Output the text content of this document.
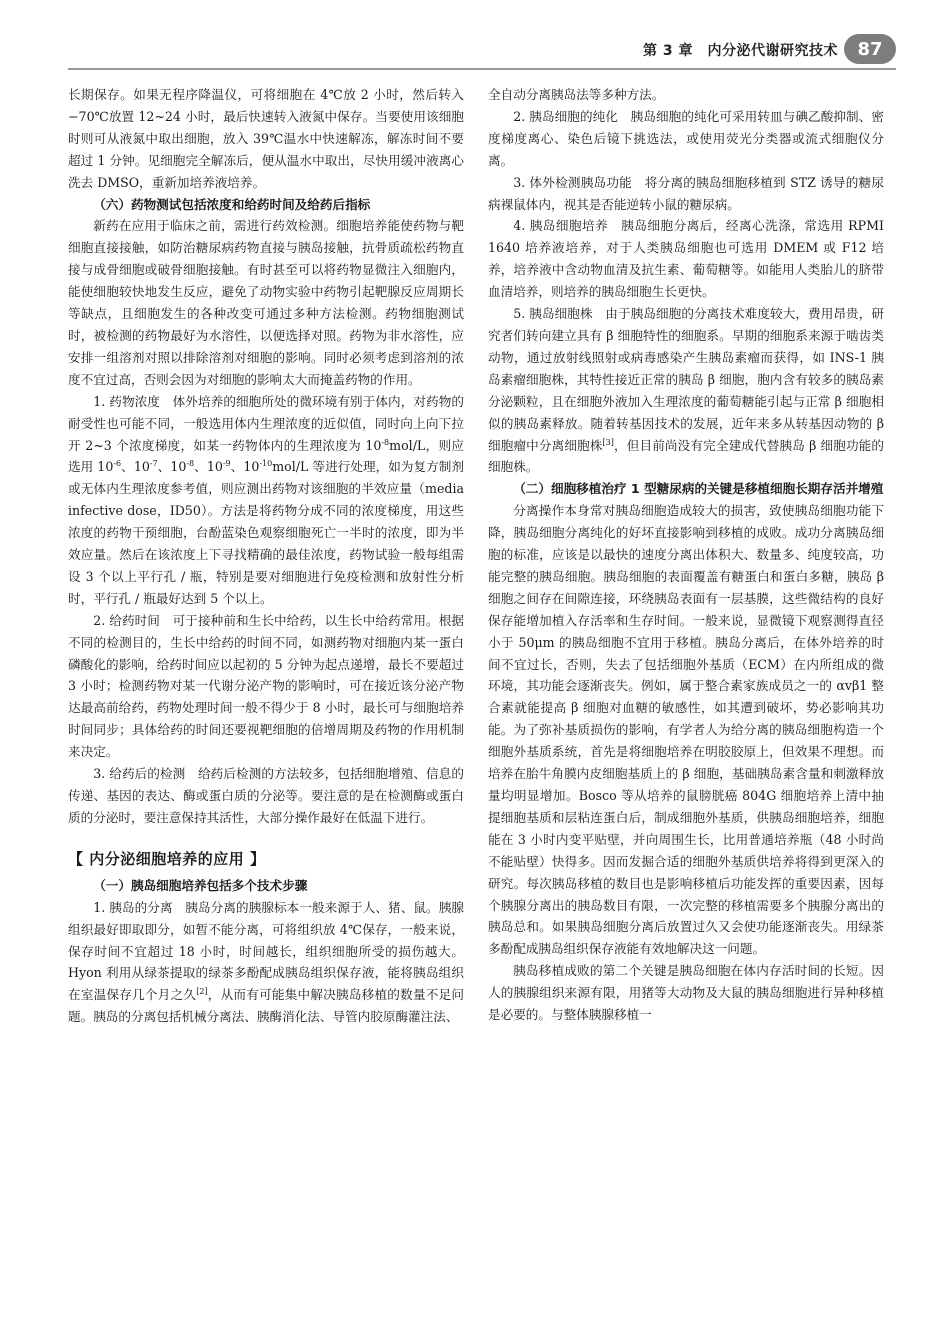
第 3 章　内分泌代谢研究技术	87

长期保存。如果无程序降温仪，可将细胞在 4℃放 2 小时，然后转入 −70℃放置 12~24 小时，最后快速转入液氮中保存。当要使用该细胞时则可从液氮中取出细胞，放入 39℃温水中快速解冻，解冻时间不要超过 1 分钟。见细胞完全解冻后，便从温水中取出，尽快用缓冲液离心洗去 DMSO，重新加培养液培养。

（六）药物测试包括浓度和给药时间及给药后指标

新药在应用于临床之前，需进行药效检测。细胞培养能使药物与靶细胞直接接触，如防治糖尿病药物直接与胰岛接触，抗骨质疏松药物直接与成骨细胞或破骨细胞接触。有时甚至可以将药物显微注入细胞内，能使细胞较快地发生反应，避免了动物实验中药物引起靶腺反应周期长等缺点，且细胞发生的各种改变可通过多种方法检测。药物细胞测试时，被检测的药物最好为水溶性，以便选择对照。药物为非水溶性，应安排一组溶剂对照以排除溶剂对细胞的影响。同时必须考虑到溶剂的浓度不宜过高，否则会因为对细胞的影响太大而掩盖药物的作用。

1. 药物浓度　体外培养的细胞所处的微环境有别于体内，对药物的耐受性也可能不同，一般选用体内生理浓度的近似值，同时向上向下拉开 2~3 个浓度梯度，如某一药物体内的生理浓度为 $10^{-8}mol/L$，则应选用 $10^{-6}$、$10^{-7}$、$10^{-8}$、$10^{-9}$、$10^{-10}mol/L$ 等进行处理，如为复方制剂或无体内生理浓度参考值，则应测出药物对该细胞的半效应量（media infective dose，ID50）。方法是将药物分成不同的浓度梯度，用这些浓度的药物干预细胞，台酚蓝染色观察细胞死亡一半时的浓度，即为半效应量。然后在该浓度上下寻找精确的最佳浓度，药物试验一般每组需设 3 个以上平行孔 / 瓶，特别是要对细胞进行免疫检测和放射性分析时，平行孔 / 瓶最好达到 5 个以上。

2. 给药时间　可于接种前和生长中给药，以生长中给药常用。根据不同的检测目的，生长中给药的时间不同，如测药物对细胞内某一蛋白磷酸化的影响，给药时间应以起初的 5 分钟为起点递增，最长不要超过 3 小时；检测药物对某一代谢分泌产物的影响时，可在接近该分泌产物达最高前给药，药物处理时间一般不得少于 8 小时，最长可与细胞培养时间同步；具体给药的时间还要视靶细胞的倍增周期及药物的作用机制来决定。

3. 给药后的检测　给药后检测的方法较多，包括细胞增殖、信息的传递、基因的表达、酶或蛋白质的分泌等。要注意的是在检测酶或蛋白质的分泌时，要注意保持其活性，大部分操作最好在低温下进行。

【 内分泌细胞培养的应用 】
（一）胰岛细胞培养包括多个技术步骤

1. 胰岛的分离　胰岛分离的胰腺标本一般来源于人、猪、鼠。胰腺组织最好即取即分，如暂不能分离，可将组织放 4℃保存，一般来说，保存时间不宜超过 18 小时，时间越长，组织细胞所受的损伤越大。Hyon 利用从绿茶提取的绿茶多酚配成胰岛组织保存液，能将胰岛组织在室温保存几个月之久[2]，从而有可能集中解决胰岛移植的数量不足问题。胰岛的分离包括机械分离法、胰酶消化法、导管内胶原酶灌注法、

全自动分离胰岛法等多种方法。

2. 胰岛细胞的纯化　胰岛细胞的纯化可采用转皿与碘乙酸抑制、密度梯度离心、染色后镜下挑选法，或使用荧光分类器或流式细胞仪分离。

3. 体外检测胰岛功能　将分离的胰岛细胞移植到 STZ 诱导的糖尿病裸鼠体内，视其是否能逆转小鼠的糖尿病。

4. 胰岛细胞培养　胰岛细胞分离后，经离心洗涤，常选用 RPMI 1640 培养液培养，对于人类胰岛细胞也可选用 DMEM 或 F12 培养，培养液中含动物血清及抗生素、葡萄糖等。如能用人类胎儿的脐带血清培养，则培养的胰岛细胞生长更快。

5. 胰岛细胞株　由于胰岛细胞的分离技术难度较大，费用昂贵，研究者们转向建立具有 β 细胞特性的细胞系。早期的细胞系来源于啮齿类动物，通过放射线照射或病毒感染产生胰岛素瘤而获得，如 INS-1 胰岛素瘤细胞株，其特性接近正常的胰岛 β 细胞，胞内含有较多的胰岛素分泌颗粒，且在细胞外液加入生理浓度的葡萄糖能引起与正常 β 细胞相似的胰岛素释放。随着转基因技术的发展，近年来多从转基因动物的 β 细胞瘤中分离细胞株[3]，但目前尚没有完全建成代替胰岛 β 细胞功能的细胞株。

（二）细胞移植治疗 1 型糖尿病的关键是移植细胞长期存活并增殖

分离操作本身常对胰岛细胞造成较大的损害，致使胰岛细胞功能下降，胰岛细胞分离纯化的好坏直接影响到移植的成败。成功分离胰岛细胞的标准，应该是以最快的速度分离出体积大、数量多、纯度较高，功能完整的胰岛细胞。胰岛细胞的表面覆盖有糖蛋白和蛋白多糖，胰岛 β 细胞之间存在间隙连接，环绕胰岛表面有一层基膜，这些微结构的良好保存能增加植入存活率和生存时间。一般来说，显微镜下观察测得直径小于 50μm 的胰岛细胞不宜用于移植。胰岛分离后，在体外培养的时间不宜过长，否则，失去了包括细胞外基质（ECM）在内所组成的微环境，其功能会逐渐丧失。例如，属于整合素家族成员之一的 αvβ1 整合素就能提高 β 细胞对血糖的敏感性，如其遭到破坏，势必影响其功能。为了弥补基质损伤的影响，有学者人为给分离的胰岛细胞构造一个细胞外基质系统，首先是将细胞培养在明胶胶原上，但效果不理想。而培养在胎牛角膜内皮细胞基质上的 β 细胞，基础胰岛素含量和刺激释放量均明显增加。Bosco 等从培养的鼠膀胱癌 804G 细胞培养上清中抽提细胞基质和层粘连蛋白后，制成细胞外基质，供胰岛细胞培养，细胞能在 3 小时内变平贴壁，并向周围生长，比用普通培养瓶（48 小时尚不能贴壁）快得多。因而发掘合适的细胞外基质供培养将得到更深入的研究。每次胰岛移植的数目也是影响移植后功能发挥的重要因素，因每个胰腺分离出的胰岛数目有限，一次完整的移植需要多个胰腺分离出的胰岛总和。如果胰岛细胞分离后放置过久又会使功能逐渐丧失。用绿茶多酚配成胰岛组织保存液能有效地解决这一问题。

胰岛移植成败的第二个关键是胰岛细胞在体内存活时间的长短。因人的胰腺组织来源有限，用猪等大动物及大鼠的胰岛细胞进行异种移植是必要的。与整体胰腺移植一
